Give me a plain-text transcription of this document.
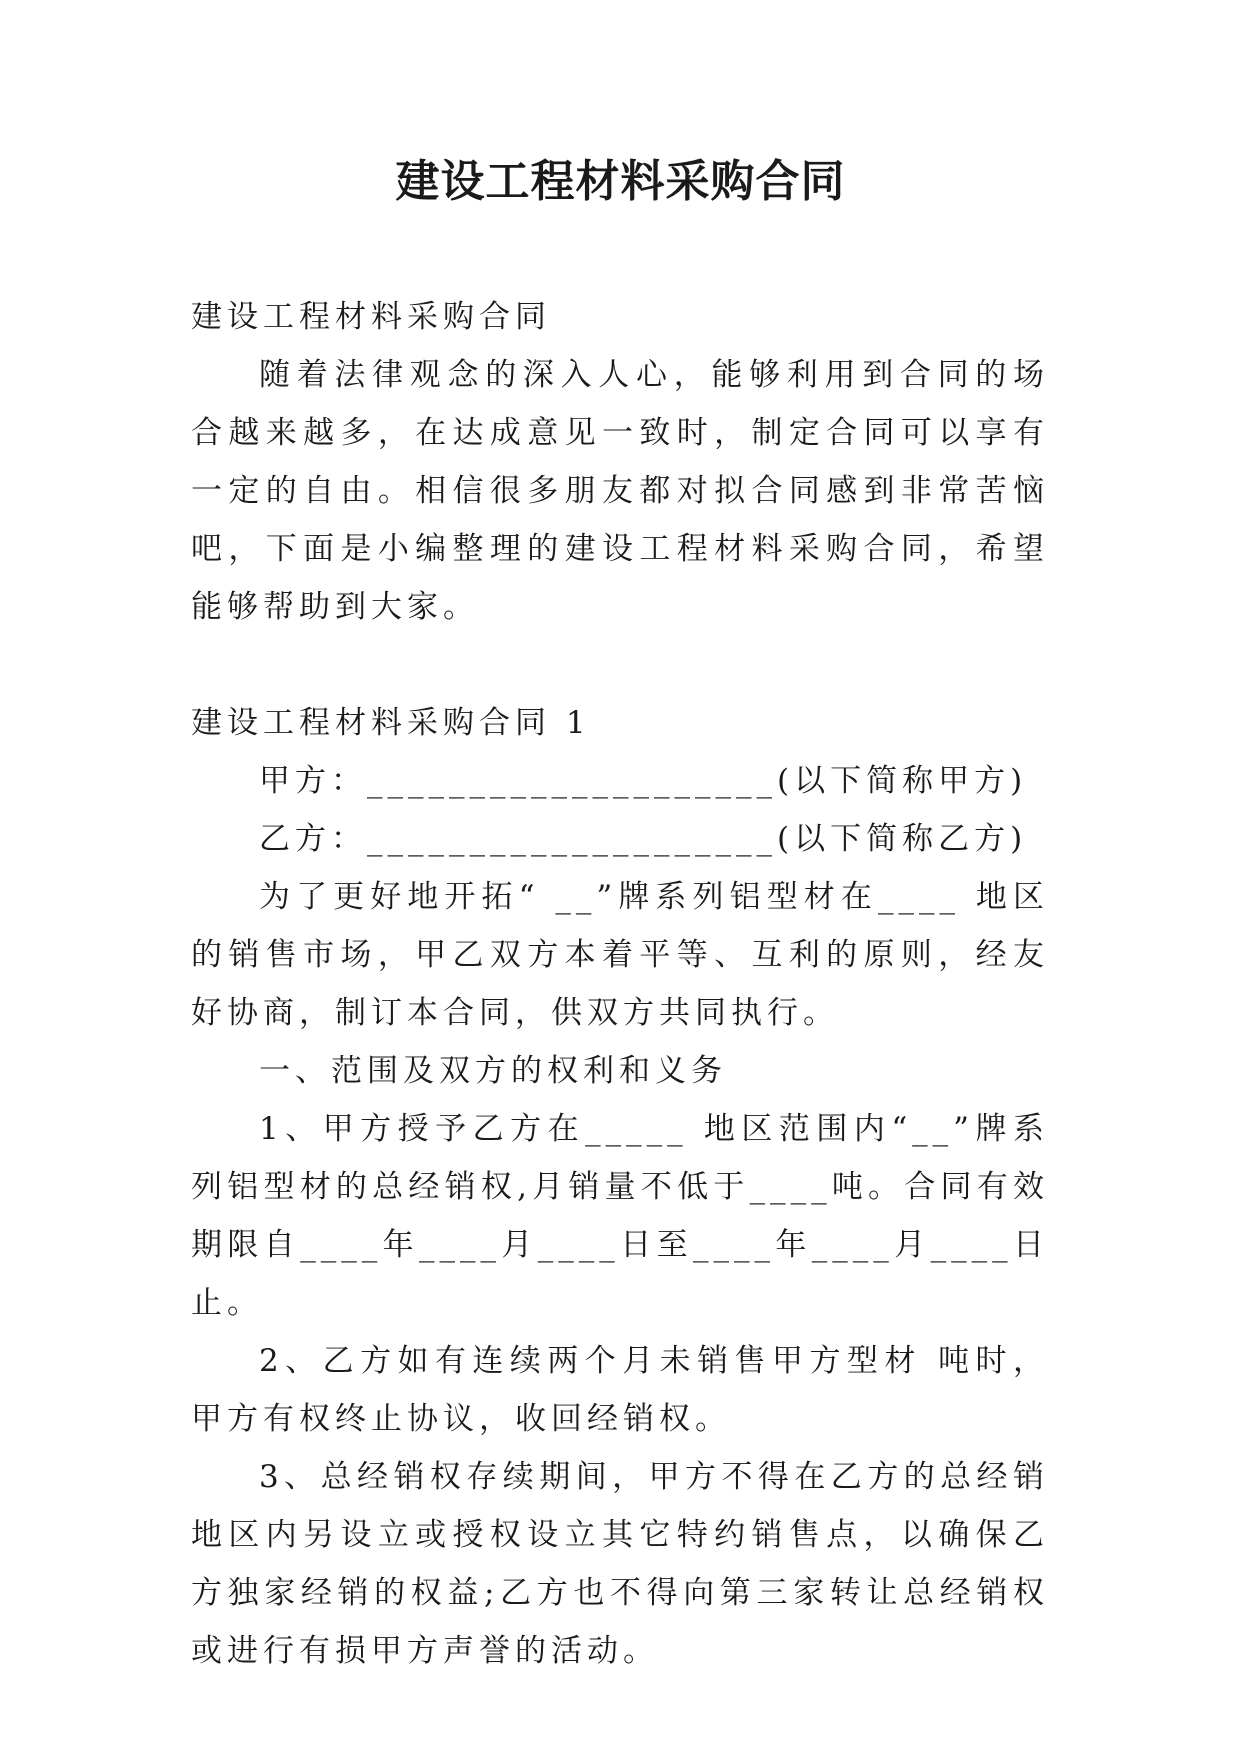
建设工程材料采购合同

建设工程材料采购合同

随着法律观念的深入人心，能够利用到合同的场合越来越多，在达成意见一致时，制定合同可以享有一定的自由。相信很多朋友都对拟合同感到非常苦恼吧，下面是小编整理的建设工程材料采购合同，希望能够帮助到大家。

建设工程材料采购合同 1

甲方：____________________(以下简称甲方)

乙方：____________________(以下简称乙方)

为了更好地开拓“ __”牌系列铝型材在____ 地区的销售市场，甲乙双方本着平等、互利的原则，经友好协商，制订本合同，供双方共同执行。

一、范围及双方的权利和义务

1、甲方授予乙方在_____ 地区范围内“__”牌系列铝型材的总经销权,月销量不低于____吨。合同有效期限自____年____月____日至____年____月____日止。

2、乙方如有连续两个月未销售甲方型材 吨时，甲方有权终止协议，收回经销权。

3、总经销权存续期间，甲方不得在乙方的总经销地区内另设立或授权设立其它特约销售点，以确保乙方独家经销的权益;乙方也不得向第三家转让总经销权或进行有损甲方声誉的活动。
